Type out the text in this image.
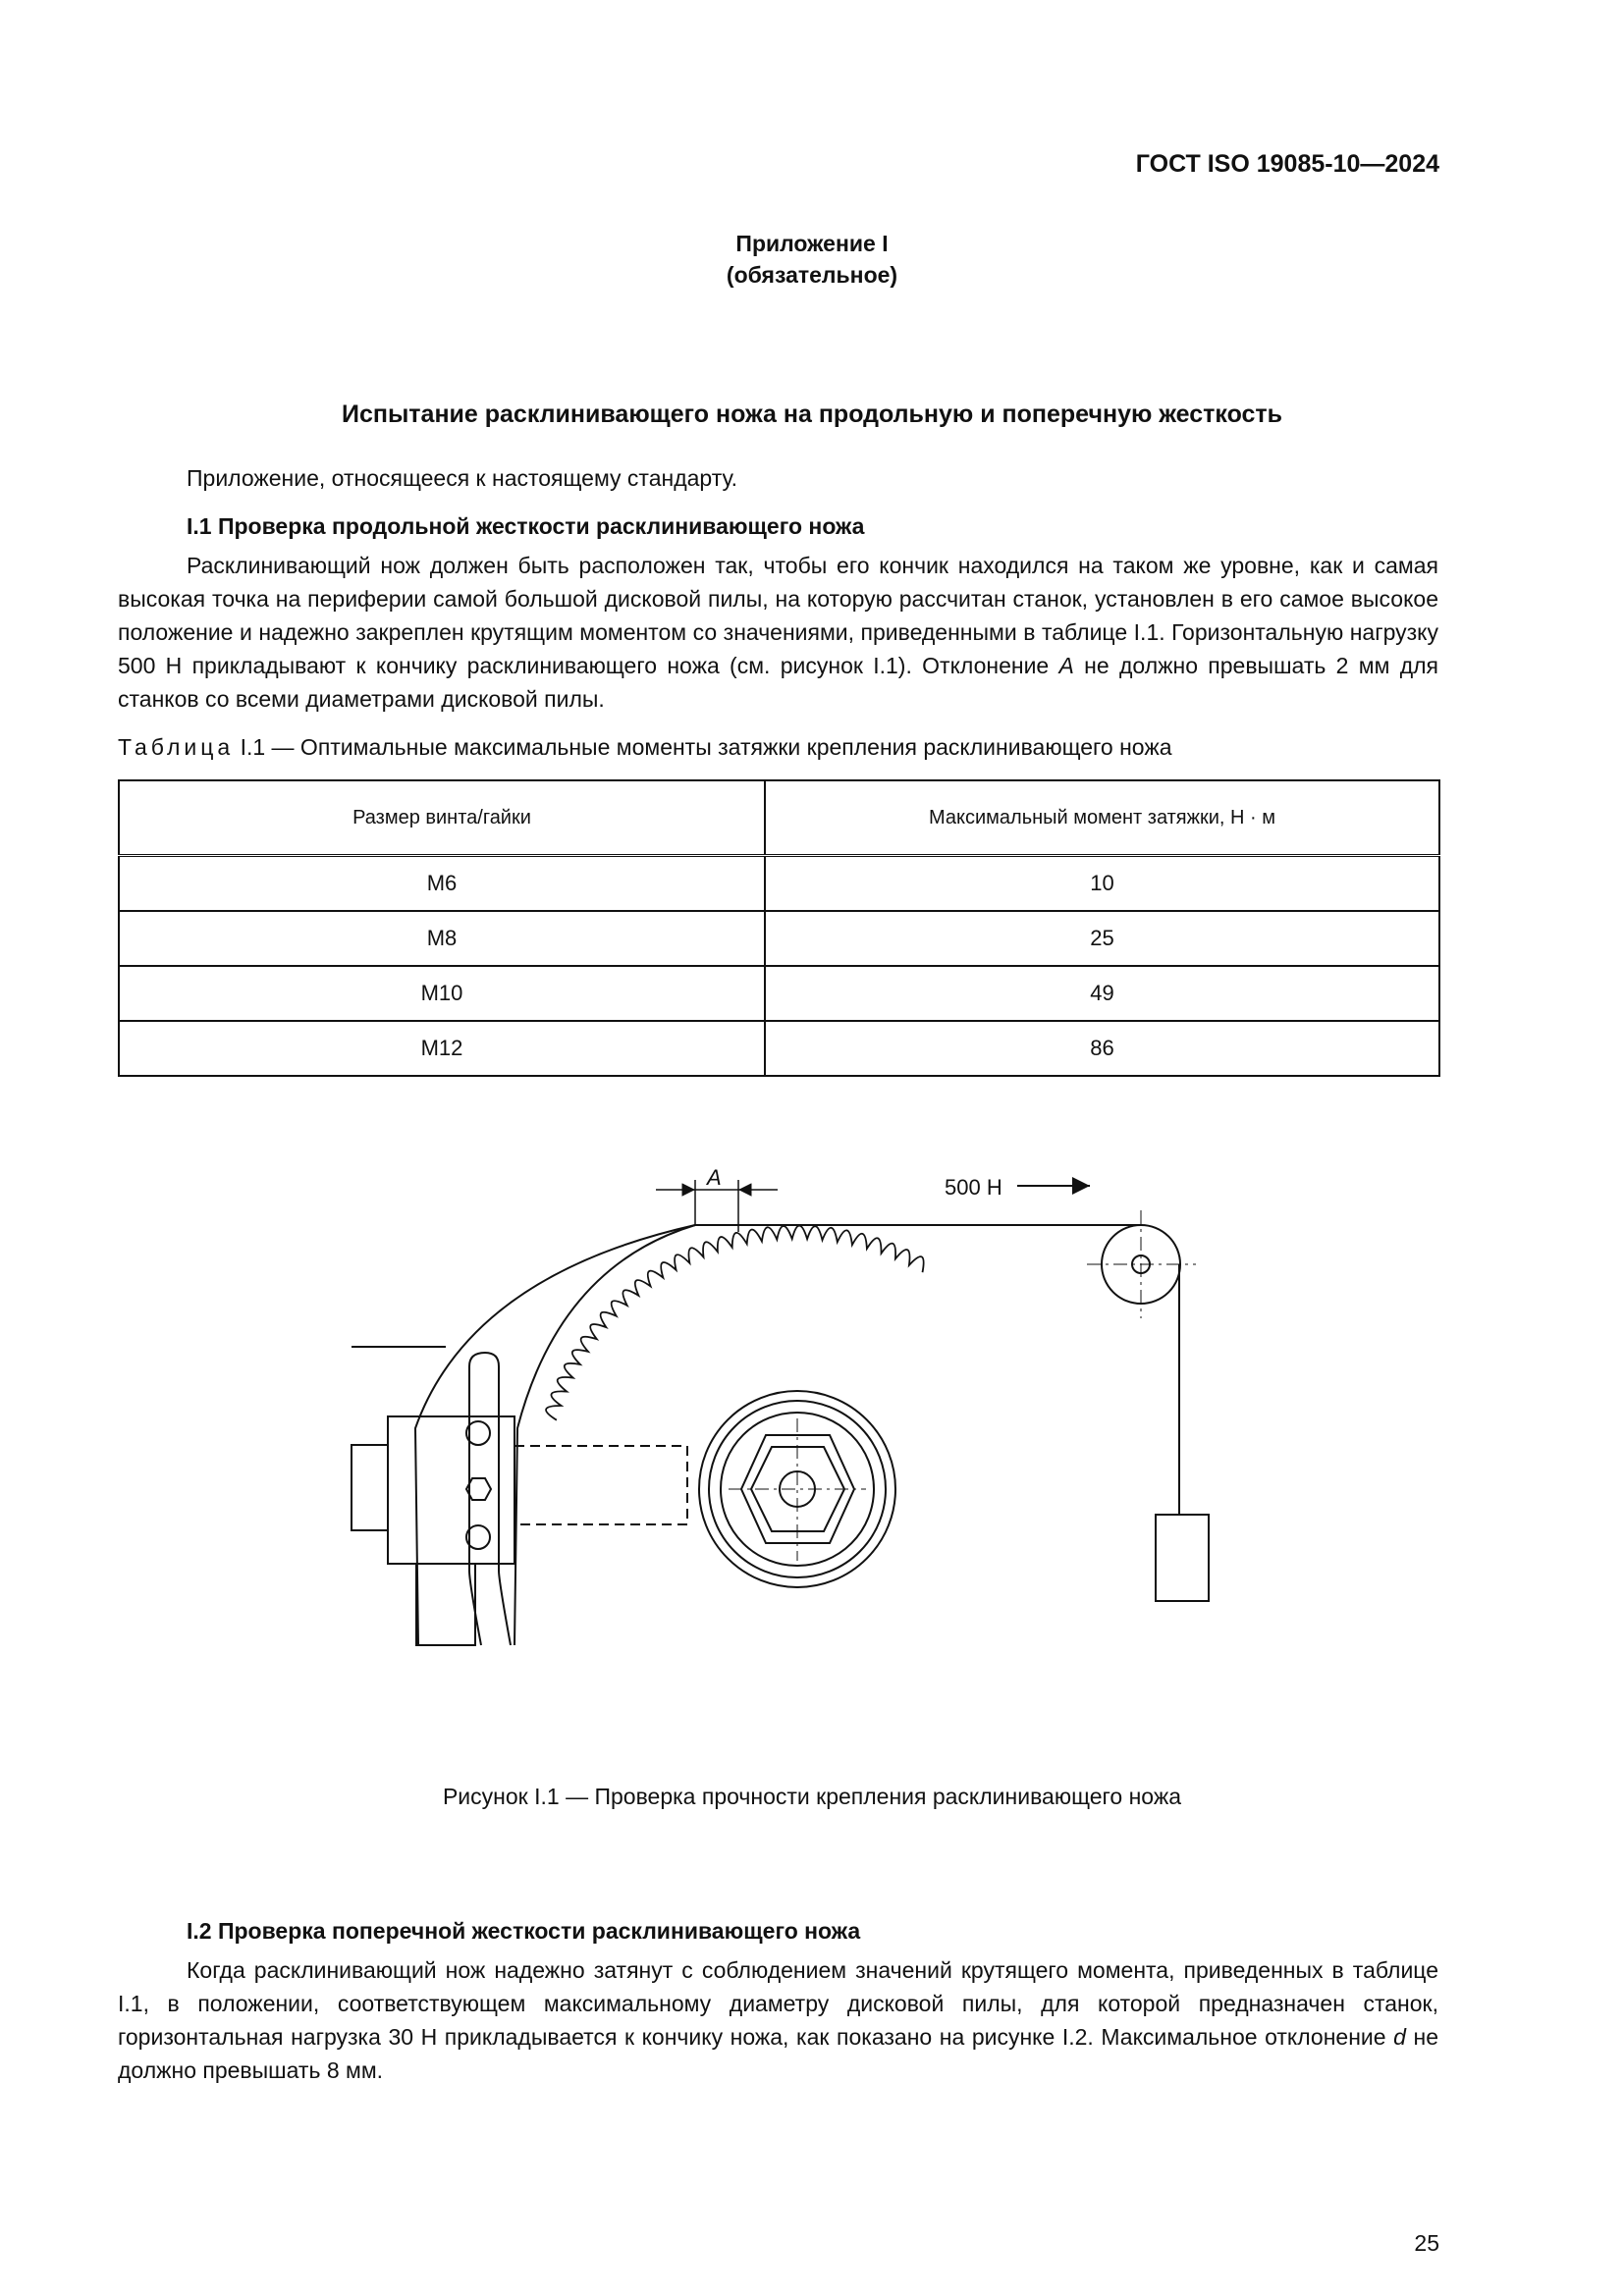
ГОСТ ISO 19085-10—2024
Приложение I
(обязательное)
Испытание расклинивающего ножа на продольную и поперечную жесткость
Приложение, относящееся к настоящему стандарту.
I.1 Проверка продольной жесткости расклинивающего ножа
Расклинивающий нож должен быть расположен так, чтобы его кончик находился на таком же уровне, как и самая высокая точка на периферии самой большой дисковой пилы, на которую рассчитан станок, установлен в его самое высокое положение и надежно закреплен крутящим моментом со значениями, приведенными в таблице I.1. Горизонтальную нагрузку 500 Н прикладывают к кончику расклинивающего ножа (см. рисунок I.1). Отклонение A не должно превышать 2 мм для станков со всеми диаметрами дисковой пилы.
Таблица I.1 — Оптимальные максимальные моменты затяжки крепления расклинивающего ножа
Размер винта/гайки	Максимальный момент затяжки, Н · м
M6	10
M8	25
M10	49
M12	86
A	500 Н
Рисунок I.1 — Проверка прочности крепления расклинивающего ножа
I.2 Проверка поперечной жесткости расклинивающего ножа
Когда расклинивающий нож надежно затянут с соблюдением значений крутящего момента, приведенных в таблице I.1, в положении, соответствующем максимальному диаметру дисковой пилы, для которой предназначен станок, горизонтальная нагрузка 30 Н прикладывается к кончику ножа, как показано на рисунке I.2. Максимальное отклонение d не должно превышать 8 мм.
25
